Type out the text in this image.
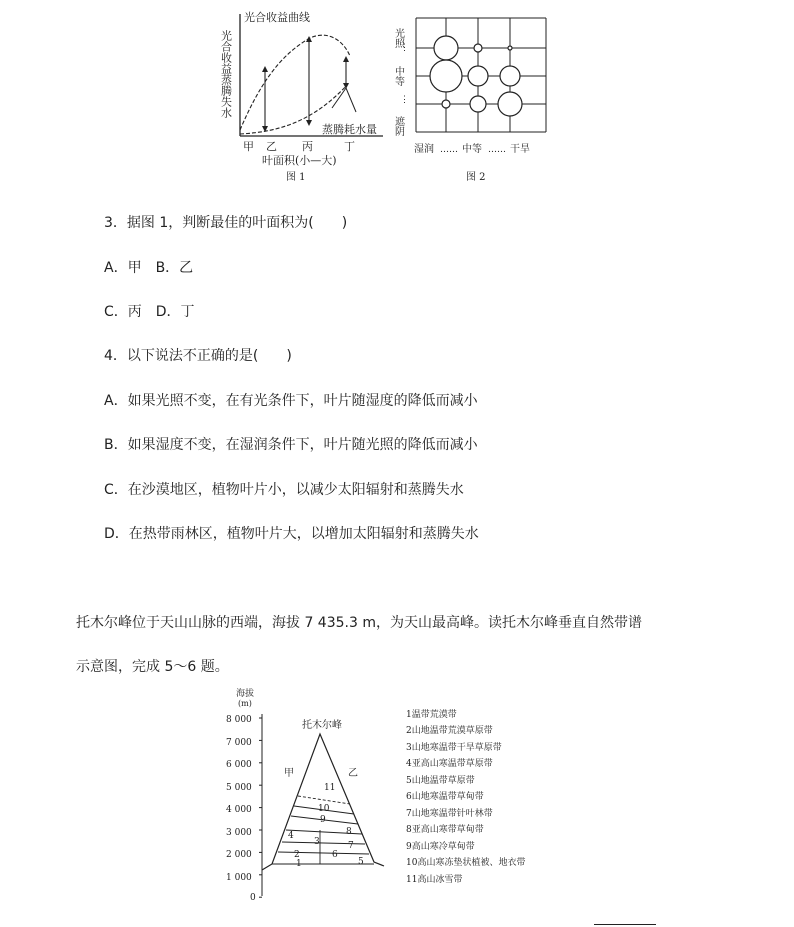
光合收益曲线
光合收益蒸腾失水
蒸腾耗水量
甲 乙 丙	丁
叶面积(小—大)
图 1
光照
⋮
中等
⋮
遮阴
湿润 …… 中等 …… 干旱
图 2
3．据图 1，判断最佳的叶面积为(　　)
A．甲　B．乙
C．丙　D．丁
4．以下说法不正确的是(　　)
A．如果光照不变，在有光条件下，叶片随湿度的降低而减小
B．如果湿度不变，在湿润条件下，叶片随光照的降低而减小
C．在沙漠地区，植物叶片小，以减少太阳辐射和蒸腾失水
D．在热带雨林区，植物叶片大，以增加太阳辐射和蒸腾失水
托木尔峰位于天山山脉的西端，海拔 7 435.3 m，为天山最高峰。读托木尔峰垂直自然带谱
示意图，完成 5～6 题。
海拔
(m)
8 000
7 000
6 000
5 000
4 000
3 000
2 000
1 000
0
托木尔峰
甲	乙
11
10
9
8
7
6
5
4
3
2
1
1温带荒漠带
2山地温带荒漠草原带
3山地寒温带干旱草原带
4亚高山寒温带草原带
5山地温带草原带
6山地寒温带草甸带
7山地寒温带针叶林带
8亚高山寒带草甸带
9高山寒冷草甸带
10高山寒冻垫状植被、地衣带
11高山冰雪带
